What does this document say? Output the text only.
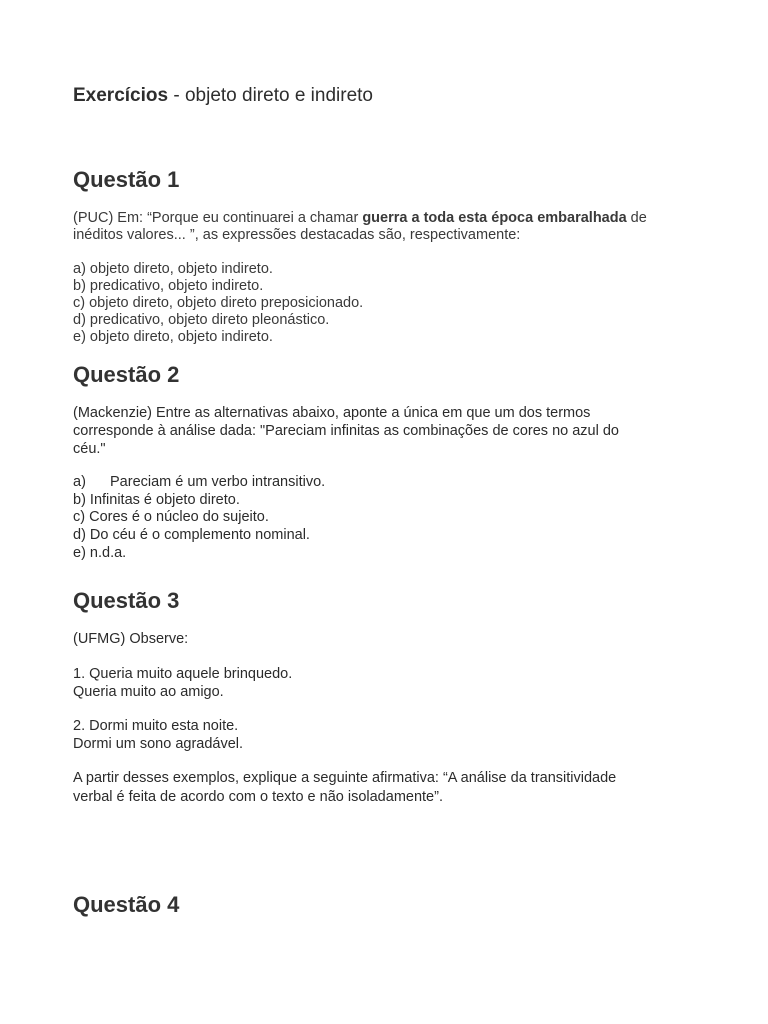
Exercícios - objeto direto e indireto
Questão 1

(PUC) Em: “Porque eu continuarei a chamar guerra a toda esta época embaralhada de
inéditos valores... ”, as expressões destacadas são, respectivamente:

a) objeto direto, objeto indireto.
b) predicativo, objeto indireto.
c) objeto direto, objeto direto preposicionado.
d) predicativo, objeto direto pleonástico.
e) objeto direto, objeto indireto.

Questão 2

(Mackenzie) Entre as alternativas abaixo, aponte a única em que um dos termos
corresponde à análise dada: "Pareciam infinitas as combinações de cores no azul do
céu."

a) Pareciam é um verbo intransitivo.
b) Infinitas é objeto direto.
c) Cores é o núcleo do sujeito.
d) Do céu é o complemento nominal.
e) n.d.a.

Questão 3

(UFMG) Observe:

1. Queria muito aquele brinquedo.
Queria muito ao amigo.

2. Dormi muito esta noite.
Dormi um sono agradável.

A partir desses exemplos, explique a seguinte afirmativa: “A análise da transitividade
verbal é feita de acordo com o texto e não isoladamente”.

Questão 4
